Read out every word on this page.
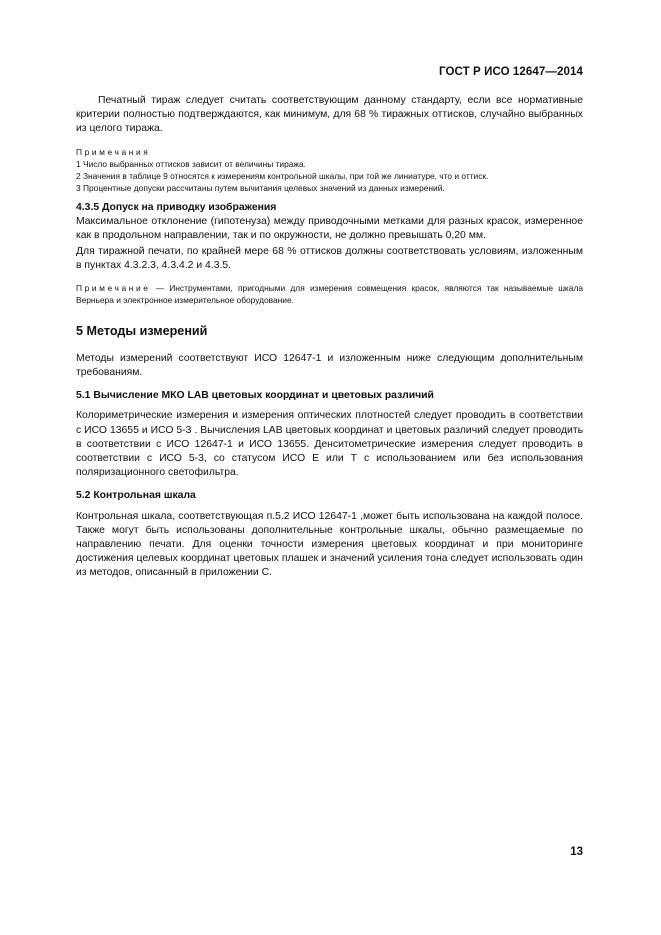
ГОСТ Р ИСО 12647—2014

Печатный тираж следует считать соответствующим данному стандарту, если все нормативные критерии полностью подтверждаются, как минимум, для 68 % тиражных оттисков, случайно выбранных из целого тиража.

Примечания

1 Число выбранных оттисков зависит от величины тиража.

2 Значения в таблице 9 относятся к измерениям контрольной шкалы, при той же линиатуре, что и оттиск.

3 Процентные допуски рассчитаны путем вычитания целевых значений из данных измерений.

4.3.5 Допуск на приводку изображения

Максимальное отклонение (гипотенуза) между приводочными метками для разных красок, измеренное как в продольном направлении, так и по окружности, не должно превышать 0,20 мм.

Для тиражной печати, по крайней мере 68 % оттисков должны соответствовать условиям, изложенным в пунктах 4.3.2.3, 4.3.4.2 и 4.3.5.

Примечание — Инструментами, пригодными для измерения совмещения красок, являются так называемые шкала Верньера и электронное измерительное оборудование.

5 Методы измерений

Методы измерений соответствуют ИСО 12647-1 и изложенным ниже следующим дополнительным требованиям.

5.1 Вычисление МКО LAB цветовых координат и цветовых различий

Колориметрические измерения и измерения оптических плотностей следует проводить в соответствии с ИСО 13655 и ИСО 5-3 . Вычисления LAB цветовых координат и цветовых различий следует проводить в соответствии с ИСО 12647-1 и ИСО 13655. Денситометрические измерения следует проводить в соответствии с ИСО 5-3, со статусом ИСО Е или Т с использованием или без использования поляризационного светофильтра.

5.2 Контрольная шкала

Контрольная шкала, соответствующая п.5.2 ИСО 12647-1 ,может быть использована на каждой полосе. Также могут быть использованы дополнительные контрольные шкалы, обычно размещаемые по направлению печати. Для оценки точности измерения цветовых координат и при мониторинге достижения целевых координат цветовых плашек и значений усиления тона следует использовать один из методов, описанный в приложении С.

13
